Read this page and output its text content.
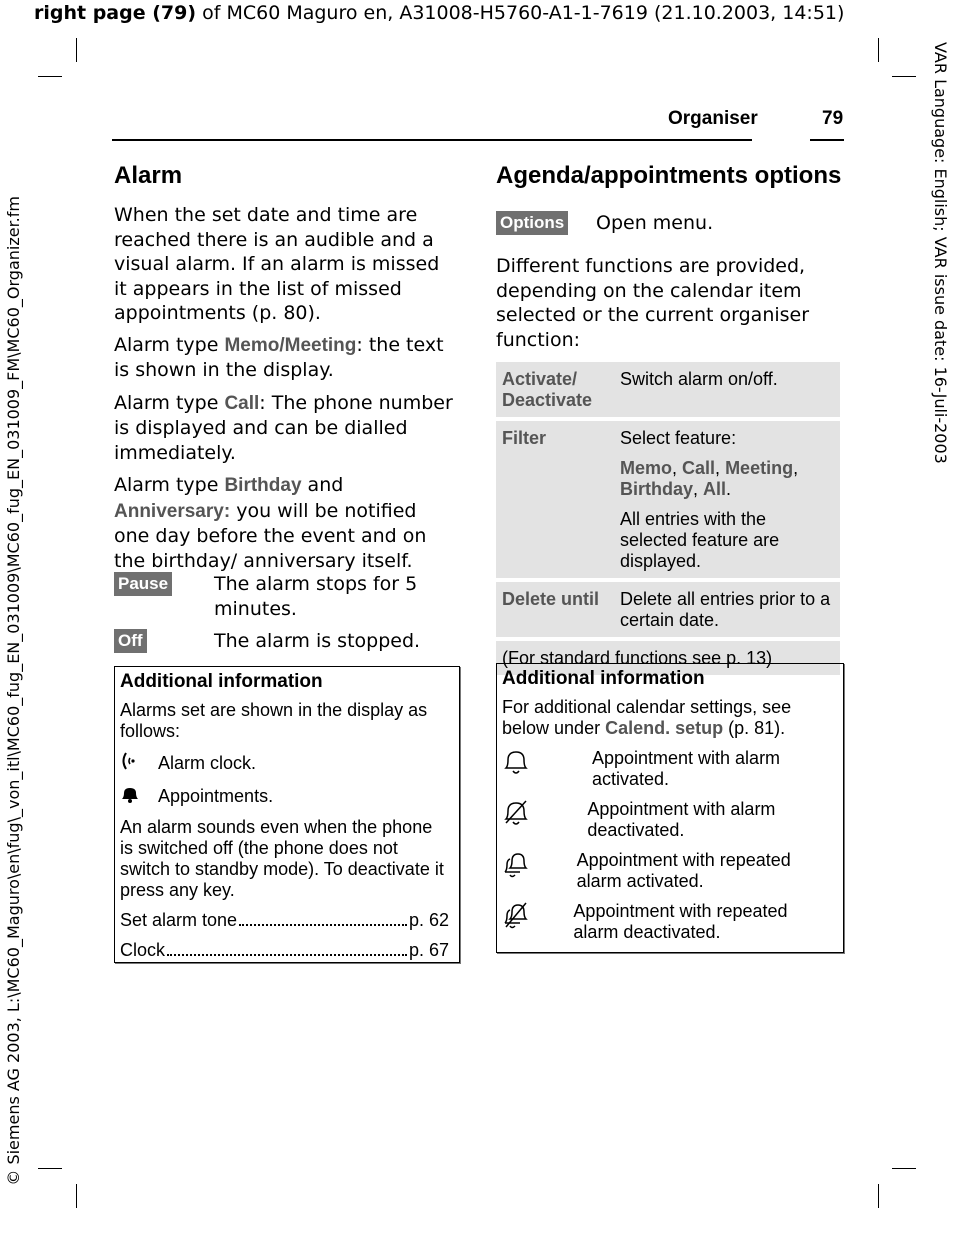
right page (79) of MC60 Maguro en, A31008-H5760-A1-1-7619 (21.10.2003, 14:51)
© Siemens AG 2003, L:\MC60_Maguro\en\fug\_von_itl\MC60_fug_EN_031009\MC60_fug_EN_031009_FM\MC60_Organizer.fm	VAR Language: English; VAR issue date: 16-Juli-2003
Organiser	79
Alarm

When the set date and time are reached there is an audible and a visual alarm. If an alarm is missed it appears in the list of missed appointments (p. 80).

Alarm type Memo/Meeting: the text is shown in the display.

Alarm type Call: The phone number is displayed and can be dialled immediately.

Alarm type Birthday and Anniversary: you will be notified one day before the event and on the birthday/ anniversary itself.

Pause The alarm stops for 5 minutes.
Off	The alarm is stopped.
Additional information
Alarms set are shown in the display as follows:
Alarm clock.
Appointments.
An alarm sounds even when the phone is switched off (the phone does not switch to standby mode). To deactivate it press any key.
Set alarm tone	p. 62
Clock	p. 67
Agenda/appointments options
Options Open menu.

Different functions are provided, depending on the calendar item selected or the current organiser function:

Activate/ Deactivate	Switch alarm on/off.
Filter	Select feature:
Memo, Call, Meeting, Birthday, All.
All entries with the selected feature are displayed.

Delete until	Delete all entries prior to a certain date.
(For standard functions see p. 13)	
Additional information
For additional calendar settings, see below under Calend. setup (p. 81).
Appointment with alarm activated.
Appointment with alarm deactivated.
Appointment with repeated alarm activated.
Appointment with repeated alarm deactivated.
